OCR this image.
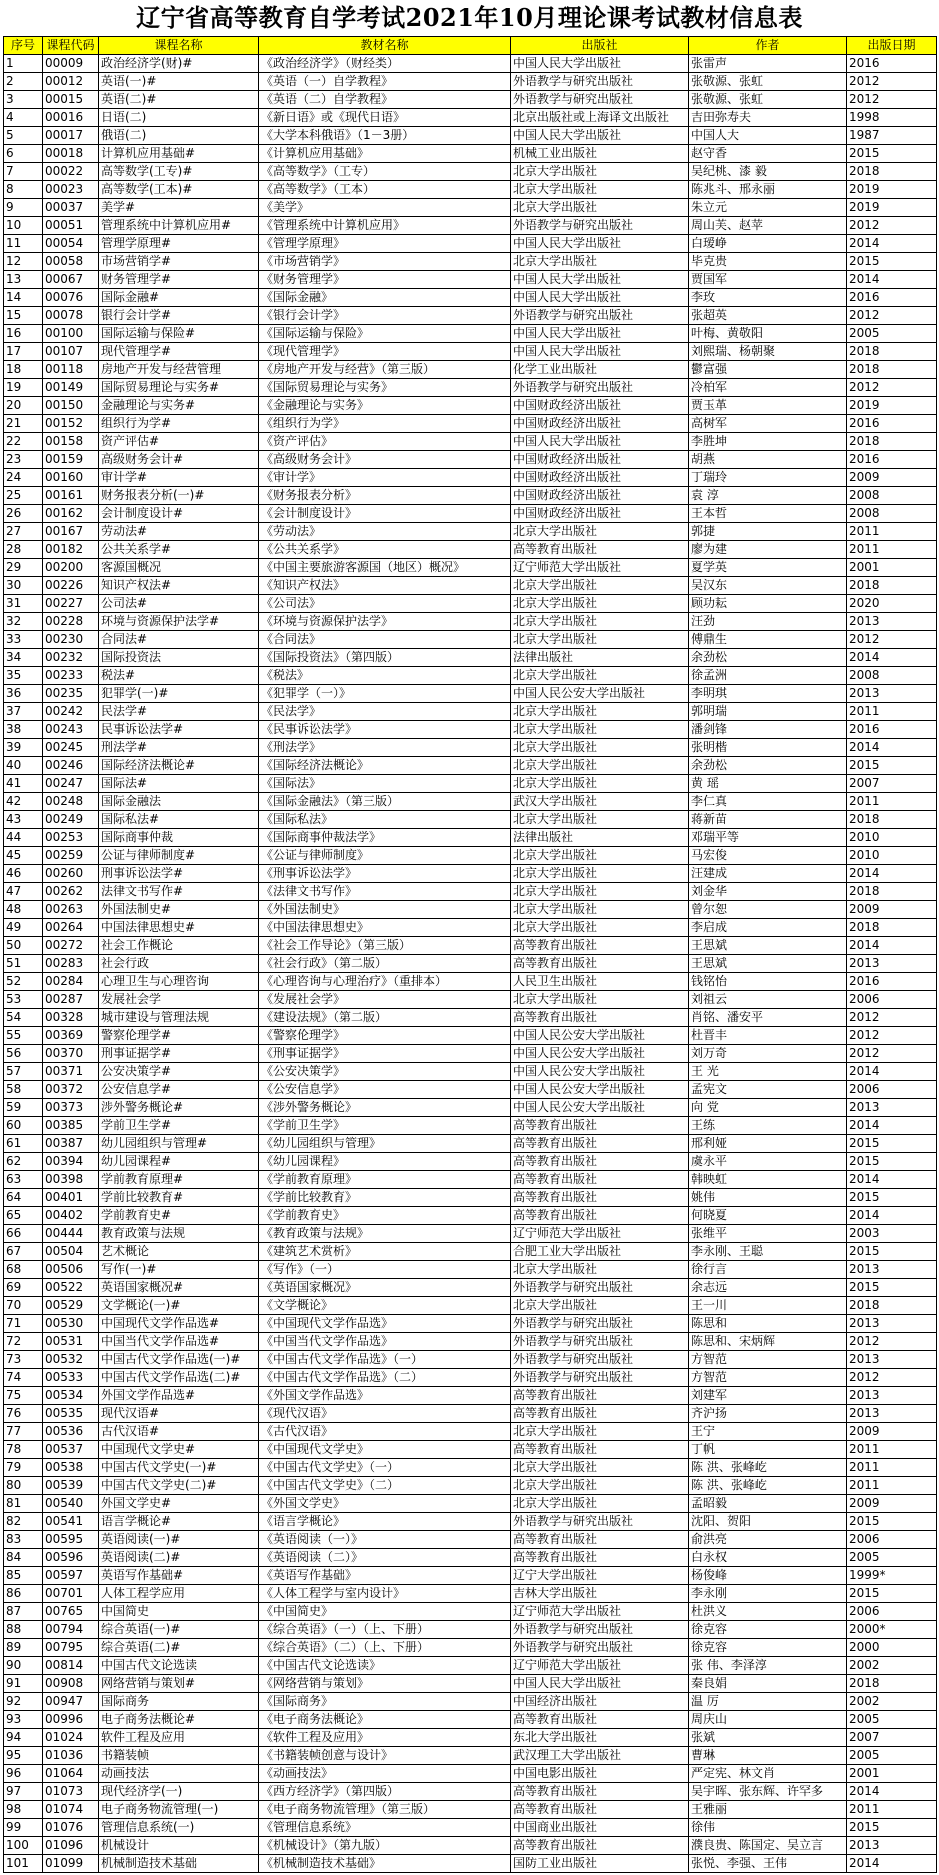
辽宁省高等教育自学考试2021年10月理论课考试教材信息表
序号	课程代码	课程名称	教材名称	出版社	作者	出版日期
1	00009	政治经济学(财)#	《政治经济学》（财经类）	中国人民大学出版社	张雷声	2016
2	00012	英语(一)#	《英语（一）自学教程》	外语教学与研究出版社	张敬源、张虹	2012
3	00015	英语(二)#	《英语（二）自学教程》	外语教学与研究出版社	张敬源、张虹	2012
4	00016	日语(二)	《新日语》或《现代日语》	北京出版社或上海译文出版社	吉田弥寿夫	1998
5	00017	俄语(二)	《大学本科俄语》（1－3册）	中国人民大学出版社	中国人大	1987
6	00018	计算机应用基础#	《计算机应用基础》	机械工业出版社	赵守香	2015
7	00022	高等数学(工专)#	《高等数学》（工专）	北京大学出版社	吴纪桃、漆 毅	2018
8	00023	高等数学(工本)#	《高等数学》（工本）	北京大学出版社	陈兆斗、邢永丽	2019
9	00037	美学#	《美学》	北京大学出版社	朱立元	2019
10	00051	管理系统中计算机应用#	《管理系统中计算机应用》	外语教学与研究出版社	周山芙、赵苹	2012
11	00054	管理学原理#	《管理学原理》	中国人民大学出版社	白瑷峥	2014
12	00058	市场营销学#	《市场营销学》	北京大学出版社	毕克贵	2015
13	00067	财务管理学#	《财务管理学》	中国人民大学出版社	贾国军	2014
14	00076	国际金融#	《国际金融》	中国人民大学出版社	李玫	2016
15	00078	银行会计学#	《银行会计学》	外语教学与研究出版社	张超英	2012
16	00100	国际运输与保险#	《国际运输与保险》	中国人民大学出版社	叶梅、黄敬阳	2005
17	00107	现代管理学#	《现代管理学》	中国人民大学出版社	刘熙瑞、杨朝聚	2018
18	00118	房地产开发与经营管理	《房地产开发与经营》（第三版）	化学工业出版社	鬱富强	2018
19	00149	国际贸易理论与实务#	《国际贸易理论与实务》	外语教学与研究出版社	冷柏军	2012
20	00150	金融理论与实务#	《金融理论与实务》	中国财政经济出版社	贾玉革	2019
21	00152	组织行为学#	《组织行为学》	中国财政经济出版社	高树军	2016
22	00158	资产评估#	《资产评估》	中国人民大学出版社	李胜坤	2018
23	00159	高级财务会计#	《高级财务会计》	中国财政经济出版社	胡燕	2016
24	00160	审计学#	《审计学》	中国财政经济出版社	丁瑞玲	2009
25	00161	财务报表分析(一)#	《财务报表分析》	中国财政经济出版社	袁 淳	2008
26	00162	会计制度设计#	《会计制度设计》	中国财政经济出版社	王本哲	2008
27	00167	劳动法#	《劳动法》	北京大学出版社	郭捷	2011
28	00182	公共关系学#	《公共关系学》	高等教育出版社	廖为建	2011
29	00200	客源国概况	《中国主要旅游客源国（地区）概况》	辽宁师范大学出版社	夏学英	2001
30	00226	知识产权法#	《知识产权法》	北京大学出版社	吴汉东	2018
31	00227	公司法#	《公司法》	北京大学出版社	顾功耘	2020
32	00228	环境与资源保护法学#	《环境与资源保护法学》	北京大学出版社	汪劲	2013
33	00230	合同法#	《合同法》	北京大学出版社	傅鼎生	2012
34	00232	国际投资法	《国际投资法》（第四版）	法律出版社	余劲松	2014
35	00233	税法#	《税法》	北京大学出版社	徐孟洲	2008
36	00235	犯罪学(一)#	《犯罪学（一）》	中国人民公安大学出版社	李明琪	2013
37	00242	民法学#	《民法学》	北京大学出版社	郭明瑞	2011
38	00243	民事诉讼法学#	《民事诉讼法学》	北京大学出版社	潘剑锋	2016
39	00245	刑法学#	《刑法学》	北京大学出版社	张明楷	2014
40	00246	国际经济法概论#	《国际经济法概论》	北京大学出版社	余劲松	2015
41	00247	国际法#	《国际法》	北京大学出版社	黄 瑶	2007
42	00248	国际金融法	《国际金融法》（第三版）	武汉大学出版社	李仁真	2011
43	00249	国际私法#	《国际私法》	北京大学出版社	蒋新苗	2018
44	00253	国际商事仲裁	《国际商事仲裁法学》	法律出版社	邓瑞平等	2010
45	00259	公证与律师制度#	《公证与律师制度》	北京大学出版社	马宏俊	2010
46	00260	刑事诉讼法学#	《刑事诉讼法学》	北京大学出版社	汪建成	2014
47	00262	法律文书写作#	《法律文书写作》	北京大学出版社	刘金华	2018
48	00263	外国法制史#	《外国法制史》	北京大学出版社	曾尔恕	2009
49	00264	中国法律思想史#	《中国法律思想史》	北京大学出版社	李启成	2018
50	00272	社会工作概论	《社会工作导论》（第三版）	高等教育出版社	王思斌	2014
51	00283	社会行政	《社会行政》（第二版）	高等教育出版社	王思斌	2013
52	00284	心理卫生与心理咨询	《心理咨询与心理治疗》（重排本）	人民卫生出版社	钱铭怡	2016
53	00287	发展社会学	《发展社会学》	北京大学出版社	刘祖云	2006
54	00328	城市建设与管理法规	《建设法规》（第二版）	高等教育出版社	肖铭、潘安平	2012
55	00369	警察伦理学#	《警察伦理学》	中国人民公安大学出版社	杜晋丰	2012
56	00370	刑事证据学#	《刑事证据学》	中国人民公安大学出版社	刘万奇	2012
57	00371	公安决策学#	《公安决策学》	中国人民公安大学出版社	王 光	2014
58	00372	公安信息学#	《公安信息学》	中国人民公安大学出版社	孟宪文	2006
59	00373	涉外警务概论#	《涉外警务概论》	中国人民公安大学出版社	向 党	2013
60	00385	学前卫生学#	《学前卫生学》	高等教育出版社	王练	2014
61	00387	幼儿园组织与管理#	《幼儿园组织与管理》	高等教育出版社	邢利娅	2015
62	00394	幼儿园课程#	《幼儿园课程》	高等教育出版社	虞永平	2015
63	00398	学前教育原理#	《学前教育原理》	高等教育出版社	韩映虹	2014
64	00401	学前比较教育#	《学前比较教育》	高等教育出版社	姚伟	2015
65	00402	学前教育史#	《学前教育史》	高等教育出版社	何晓夏	2014
66	00444	教育政策与法规	《教育政策与法规》	辽宁师范大学出版社	张维平	2003
67	00504	艺术概论	《建筑艺术赏析》	合肥工业大学出版社	李永刚、王聪	2015
68	00506	写作(一)#	《写作》（一）	北京大学出版社	徐行言	2013
69	00522	英语国家概况#	《英语国家概况》	外语教学与研究出版社	余志远	2015
70	00529	文学概论(一)#	《文学概论》	北京大学出版社	王一川	2018
71	00530	中国现代文学作品选#	《中国现代文学作品选》	外语教学与研究出版社	陈思和	2013
72	00531	中国当代文学作品选#	《中国当代文学作品选》	外语教学与研究出版社	陈思和、宋炳辉	2012
73	00532	中国古代文学作品选(一)#	《中国古代文学作品选》（一）	外语教学与研究出版社	方智范	2013
74	00533	中国古代文学作品选(二)#	《中国古代文学作品选》（二）	外语教学与研究出版社	方智范	2012
75	00534	外国文学作品选#	《外国文学作品选》	高等教育出版社	刘建军	2013
76	00535	现代汉语#	《现代汉语》	高等教育出版社	齐沪扬	2013
77	00536	古代汉语#	《古代汉语》	北京大学出版社	王宁	2009
78	00537	中国现代文学史#	《中国现代文学史》	高等教育出版社	丁帆	2011
79	00538	中国古代文学史(一)#	《中国古代文学史》（一）	北京大学出版社	陈 洪、张峰屹	2011
80	00539	中国古代文学史(二)#	《中国古代文学史》（二）	北京大学出版社	陈 洪、张峰屹	2011
81	00540	外国文学史#	《外国文学史》	北京大学出版社	孟昭毅	2009
82	00541	语言学概论#	《语言学概论》	外语教学与研究出版社	沈阳、贺阳	2015
83	00595	英语阅读(一)#	《英语阅读（一）》	高等教育出版社	俞洪亮	2006
84	00596	英语阅读(二)#	《英语阅读（二）》	高等教育出版社	白永权	2005
85	00597	英语写作基础#	《英语写作基础》	辽宁大学出版社	杨俊峰	1999*
86	00701	人体工程学应用	《人体工程学与室内设计》	吉林大学出版社	李永刚	2015
87	00765	中国简史	《中国简史》	辽宁师范大学出版社	杜洪义	2006
88	00794	综合英语(一)#	《综合英语》（一）（上、下册）	外语教学与研究出版社	徐克容	2000*
89	00795	综合英语(二)#	《综合英语》（二）（上、下册）	外语教学与研究出版社	徐克容	2000
90	00814	中国古代文论选读	《中国古代文论选读》	辽宁师范大学出版社	张 伟、李泽淳	2002
91	00908	网络营销与策划#	《网络营销与策划》	中国人民大学出版社	秦良娟	2018
92	00947	国际商务	《国际商务》	中国经济出版社	温 厉	2002
93	00996	电子商务法概论#	《电子商务法概论》	高等教育出版社	周庆山	2005
94	01024	软件工程及应用	《软件工程及应用》	东北大学出版社	张斌	2007
95	01036	书籍装帧	《书籍装帧创意与设计》	武汉理工大学出版社	曹琳	2005
96	01064	动画技法	《动画技法》	中国电影出版社	严定宪、林文肖	2001
97	01073	现代经济学(一)	《西方经济学》（第四版）	高等教育出版社	吴宇晖、张东辉、许罕多	2014
98	01074	电子商务物流管理(一)	《电子商务物流管理》（第三版）	高等教育出版社	王雅丽	2011
99	01076	管理信息系统(一)	《管理信息系统》	中国商业出版社	徐伟	2015
100	01096	机械设计	《机械设计》（第九版）	高等教育出版社	濮良贵、陈国定、吴立言	2013
101	01099	机械制造技术基础	《机械制造技术基础》	国防工业出版社	张悦、李强、王伟	2014
